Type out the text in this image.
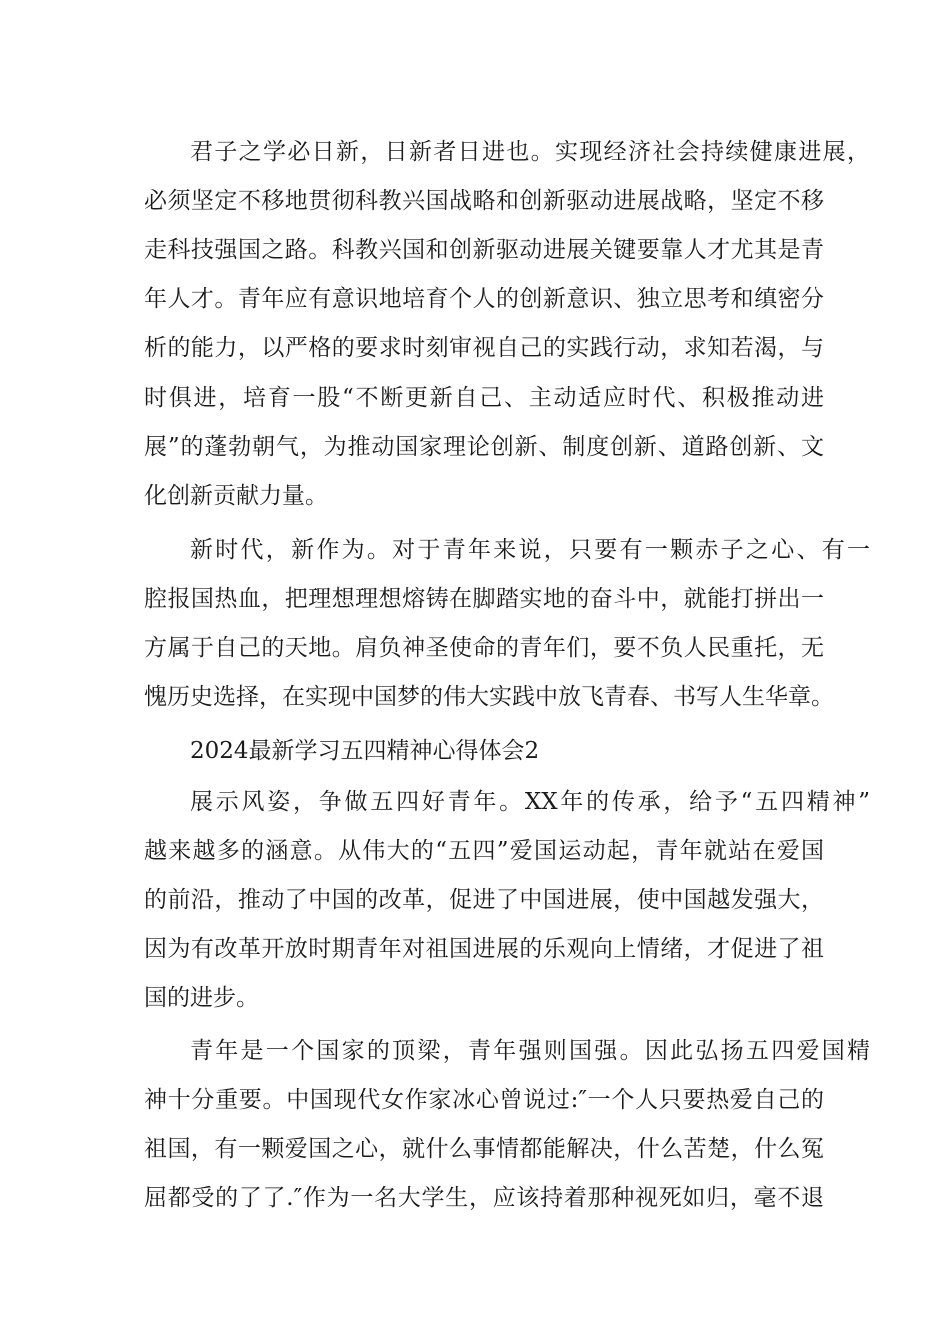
君子之学必日新，日新者日进也。实现经济社会持续健康进展，
必须坚定不移地贯彻科教兴国战略和创新驱动进展战略，坚定不移
走科技强国之路。科教兴国和创新驱动进展关键要靠人才尤其是青
年人才。青年应有意识地培育个人的创新意识、独立思考和缜密分
析的能力，以严格的要求时刻审视自己的实践行动，求知若渴，与
时俱进，培育一股“不断更新自己、主动适应时代、积极推动进
展”的蓬勃朝气，为推动国家理论创新、制度创新、道路创新、文
化创新贡献力量。
新时代，新作为。对于青年来说，只要有一颗赤子之心、有一
腔报国热血，把理想理想熔铸在脚踏实地的奋斗中，就能打拼出一
方属于自己的天地。肩负神圣使命的青年们，要不负人民重托，无
愧历史选择，在实现中国梦的伟大实践中放飞青春、书写人生华章。
2024最新学习五四精神心得体会2
展示风姿，争做五四好青年。XX年的传承，给予“五四精神”
越来越多的涵意。从伟大的“五四”爱国运动起，青年就站在爱国
的前沿，推动了中国的改革，促进了中国进展，使中国越发强大，
因为有改革开放时期青年对祖国进展的乐观向上情绪，才促进了祖
国的进步。
青年是一个国家的顶梁，青年强则国强。因此弘扬五四爱国精
神十分重要。中国现代女作家冰心曾说过:″一个人只要热爱自己的
祖国，有一颗爱国之心，就什么事情都能解决，什么苦楚，什么冤
屈都受的了了.″作为一名大学生，应该持着那种视死如归，毫不退
